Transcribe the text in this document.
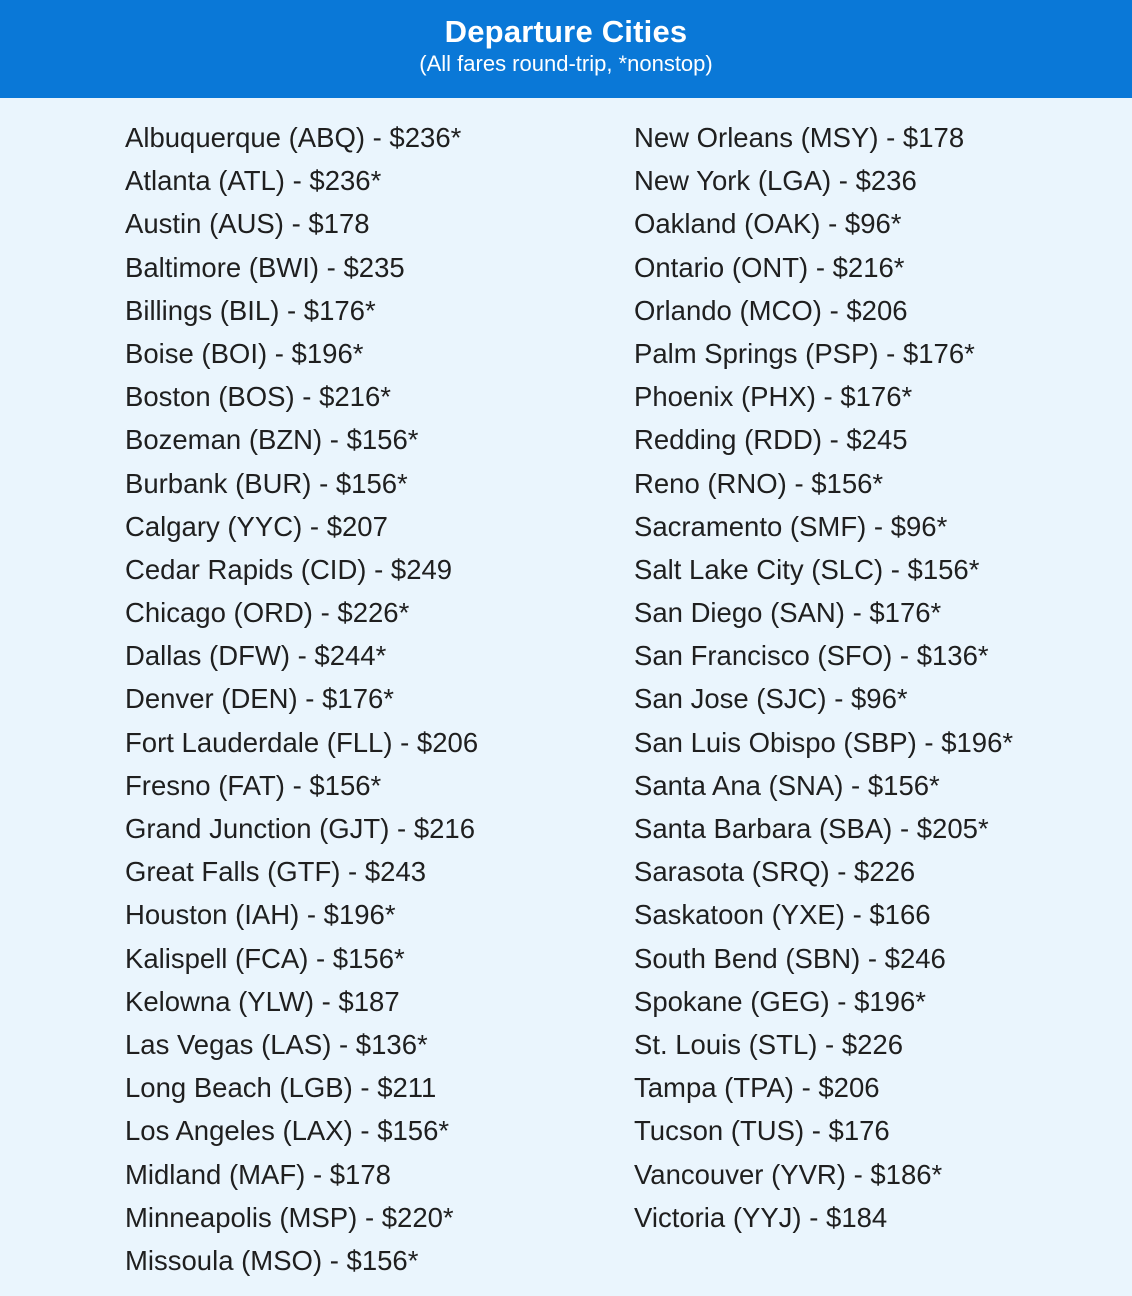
Departure Cities
(All fares round-trip, *nonstop)
Albuquerque (ABQ) - $236*
Atlanta (ATL) - $236*
Austin (AUS) - $178
Baltimore (BWI) - $235
Billings (BIL) - $176*
Boise (BOI) - $196*
Boston (BOS) - $216*
Bozeman (BZN) - $156*
Burbank (BUR) - $156*
Calgary (YYC) - $207
Cedar Rapids (CID) - $249
Chicago (ORD) - $226*
Dallas (DFW) - $244*
Denver (DEN) - $176*
Fort Lauderdale (FLL) - $206
Fresno (FAT) - $156*
Grand Junction (GJT) - $216
Great Falls (GTF) - $243
Houston (IAH) - $196*
Kalispell (FCA) - $156*
Kelowna (YLW) - $187
Las Vegas (LAS) - $136*
Long Beach (LGB) - $211
Los Angeles (LAX) - $156*
Midland (MAF) - $178
Minneapolis (MSP) - $220*
Missoula (MSO) - $156*
New Orleans (MSY) - $178
New York (LGA) - $236
Oakland (OAK) - $96*
Ontario (ONT) - $216*
Orlando (MCO) - $206
Palm Springs (PSP) - $176*
Phoenix (PHX) - $176*
Redding (RDD) - $245
Reno (RNO) - $156*
Sacramento (SMF) - $96*
Salt Lake City (SLC) - $156*
San Diego (SAN) - $176*
San Francisco (SFO) - $136*
San Jose (SJC) - $96*
San Luis Obispo (SBP) - $196*
Santa Ana (SNA) - $156*
Santa Barbara (SBA) - $205*
Sarasota (SRQ) - $226
Saskatoon (YXE) - $166
South Bend (SBN) - $246
Spokane (GEG) - $196*
St. Louis (STL) - $226
Tampa (TPA) - $206
Tucson (TUS) - $176
Vancouver (YVR) - $186*
Victoria (YYJ) - $184
